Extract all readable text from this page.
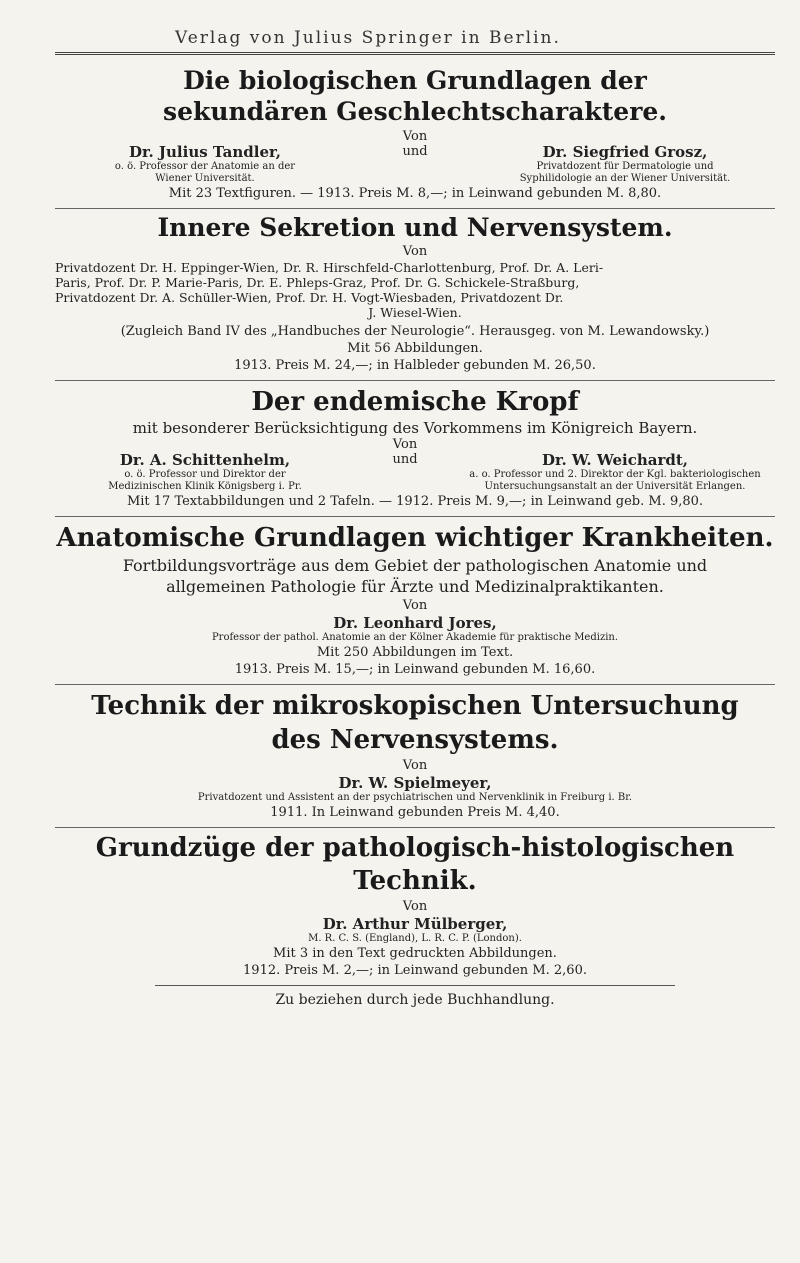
Verlag von Julius Springer in Berlin.
Die biologischen Grundlagen der
sekundären Geschlechtscharaktere.
Dr. Julius Tandler,
o. ö. Professor der Anatomie an der
Wiener Universität.
Von
und	Dr. Siegfried Grosz,
Privatdozent für Dermatologie und
Syphilidologie an der Wiener Universität.
Mit 23 Textfiguren. — 1913. Preis M. 8,—; in Leinwand gebunden M. 8,80.
Innere Sekretion und Nervensystem.
Von
Privatdozent Dr. H. Eppinger-Wien, Dr. R. Hirschfeld-Charlottenburg, Prof. Dr. A. Leri-
Paris, Prof. Dr. P. Marie-Paris, Dr. E. Phleps-Graz, Prof. Dr. G. Schickele-Straßburg,
Privatdozent Dr. A. Schüller-Wien, Prof. Dr. H. Vogt-Wiesbaden, Privatdozent Dr.
J. Wiesel-Wien.
(Zugleich Band IV des „Handbuches der Neurologie“. Herausgeg. von M. Lewandowsky.)
Mit 56 Abbildungen.
1913. Preis M. 24,—; in Halbleder gebunden M. 26,50.
Der endemische Kropf
mit besonderer Berücksichtigung des Vorkommens im Königreich Bayern.
Dr. A. Schittenhelm,
o. ö. Professor und Direktor der
Medizinischen Klinik Königsberg i. Pr.
Von
und	Dr. W. Weichardt,
a. o. Professor und 2. Direktor der Kgl. bakteriologischen
Untersuchungsanstalt an der Universität Erlangen.
Mit 17 Textabbildungen und 2 Tafeln. — 1912. Preis M. 9,—; in Leinwand geb. M. 9,80.
Anatomische Grundlagen wichtiger Krankheiten.
Fortbildungsvorträge aus dem Gebiet der pathologischen Anatomie und
allgemeinen Pathologie für Ärzte und Medizinalpraktikanten.
Von
Dr. Leonhard Jores,
Professor der pathol. Anatomie an der Kölner Akademie für praktische Medizin.
Mit 250 Abbildungen im Text.
1913. Preis M. 15,—; in Leinwand gebunden M. 16,60.
Technik der mikroskopischen Untersuchung
des Nervensystems.
Von
Dr. W. Spielmeyer,
Privatdozent und Assistent an der psychiatrischen und Nervenklinik in Freiburg i. Br.
1911. In Leinwand gebunden Preis M. 4,40.
Grundzüge der pathologisch-histologischen
Technik.
Von
Dr. Arthur Mülberger,
M. R. C. S. (England), L. R. C. P. (London).
Mit 3 in den Text gedruckten Abbildungen.
1912. Preis M. 2,—; in Leinwand gebunden M. 2,60.
Zu beziehen durch jede Buchhandlung.
